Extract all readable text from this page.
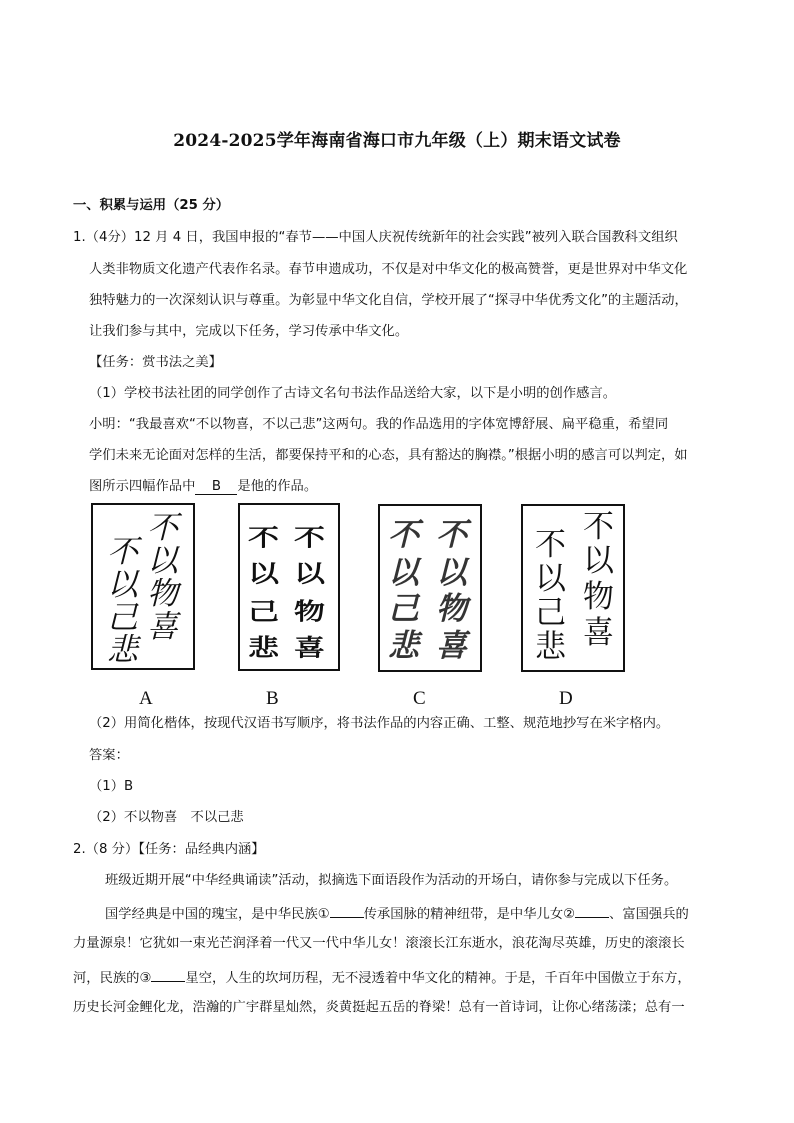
2024-2025学年海南省海口市九年级（上）期末语文试卷
一、积累与运用（25 分）
1.（4分）12 月 4 日，我国申报的“春节——中国人庆祝传统新年的社会实践”被列入联合国教科文组织
人类非物质文化遗产代表作名录。春节申遗成功，不仅是对中华文化的极高赞誉，更是世界对中华文化
独特魅力的一次深刻认识与尊重。为彰显中华文化自信，学校开展了“探寻中华优秀文化”的主题活动，
让我们参与其中，完成以下任务，学习传承中华文化。
【任务：赏书法之美】
（1）学校书法社团的同学创作了古诗文名句书法作品送给大家，以下是小明的创作感言。
小明：“我最喜欢“不以物喜，不以己悲”这两句。我的作品选用的字体宽博舒展、扁平稳重，希望同
学们未来无论面对怎样的生活，都要保持平和的心态，具有豁达的胸襟。”根据小明的感言可以判定，如
图所示四幅作品中 B 是他的作品。
不
以
物
喜
不
以
己
悲
不
以
不
以
物
喜
己
悲
不
以
不
以
物
喜
己
悲
不
以
物
喜
不
以
己
悲
A	B	C	D
（2）用简化楷体，按现代汉语书写顺序，将书法作品的内容正确、工整、规范地抄写在米字格内。
答案：
（1）B
（2）不以物喜　不以己悲
2.（8 分）【任务：品经典内涵】
班级近期开展“中华经典诵读”活动，拟摘选下面语段作为活动的开场白，请你参与完成以下任务。
国学经典是中国的瑰宝，是中华民族①	传承国脉的精神纽带，是中华儿女②	、富国强兵的
力量源泉！它犹如一束光芒润泽着一代又一代中华儿女！滚滚长江东逝水，浪花淘尽英雄，历史的滚滚长
河，民族的③	星空，人生的坎坷历程，无不浸透着中华文化的精神。于是，千百年中国傲立于东方，
历史长河金鲤化龙，浩瀚的广宇群星灿然，炎黄挺起五岳的脊梁！总有一首诗词，让你心绪荡漾；总有一
